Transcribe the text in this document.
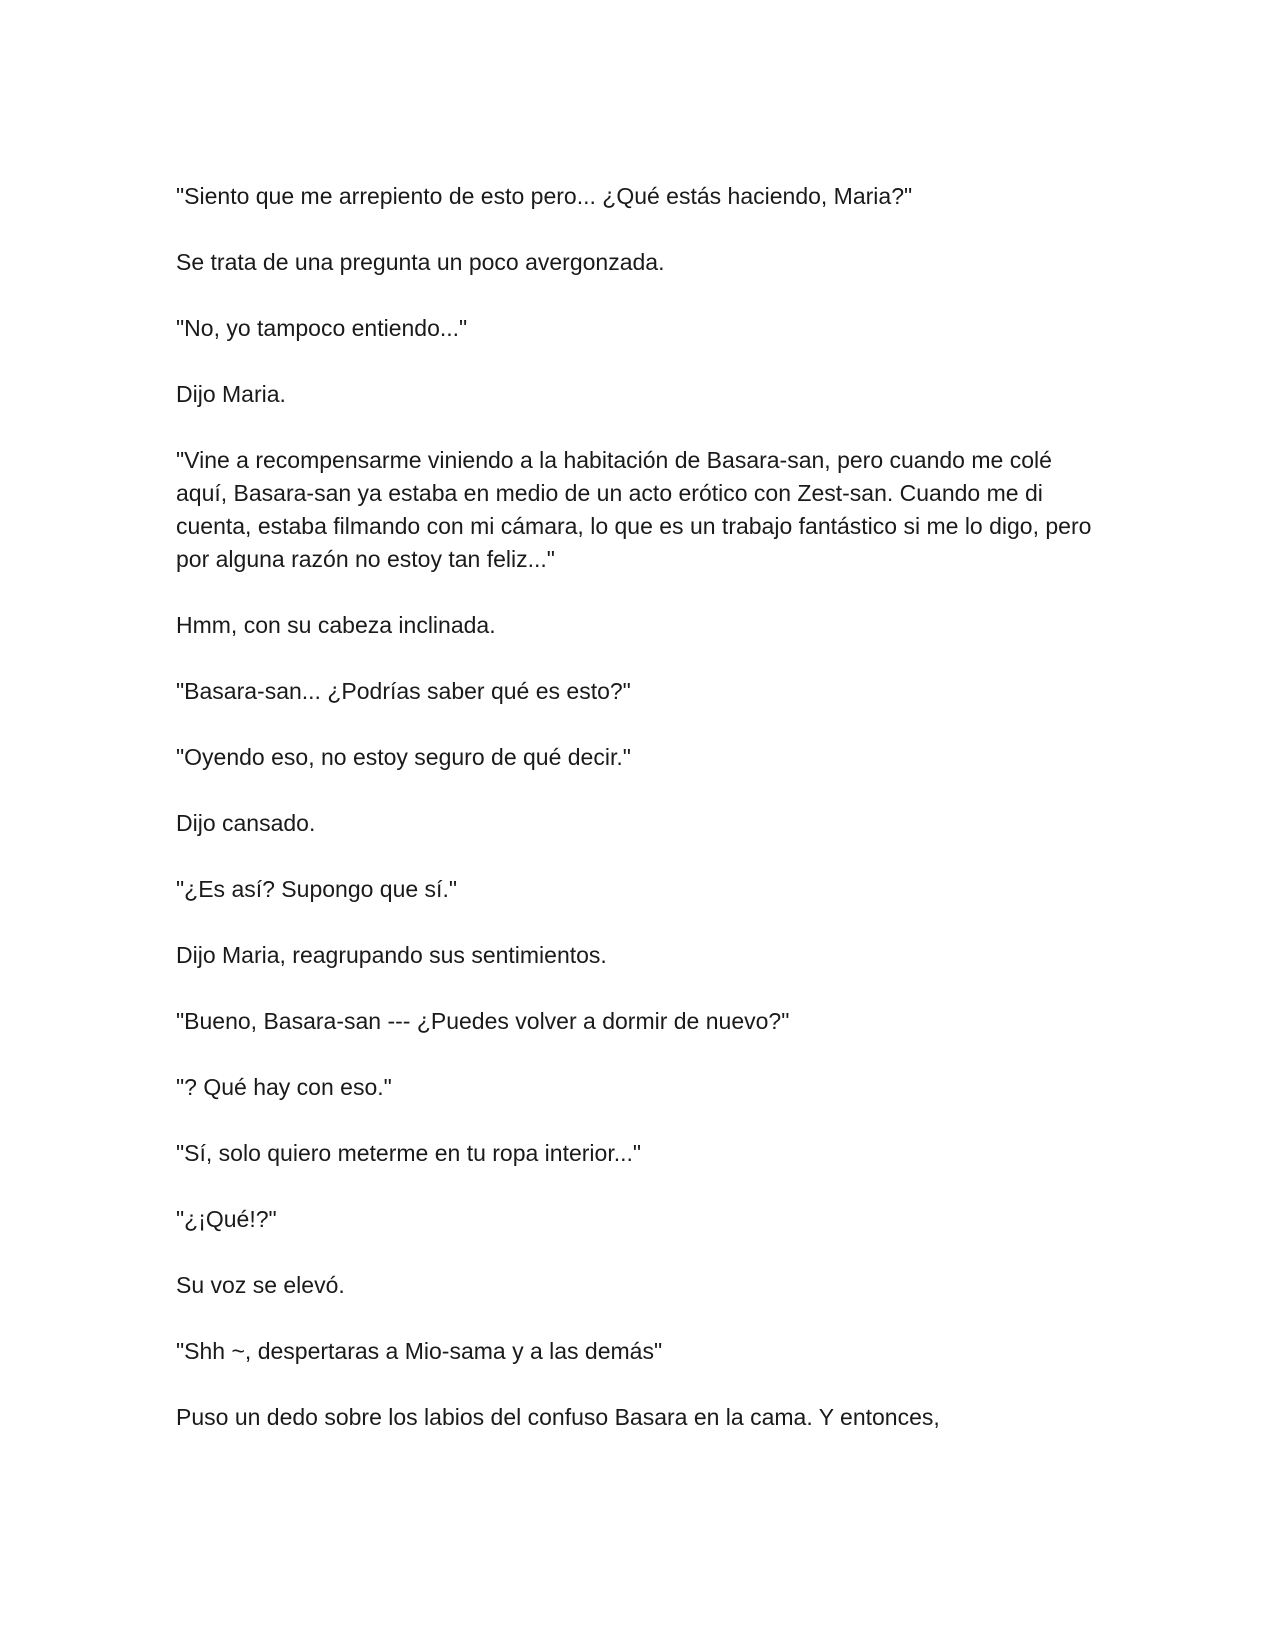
"Siento que me arrepiento de esto pero... ¿Qué estás haciendo, Maria?"

Se trata de una pregunta un poco avergonzada.

"No, yo tampoco entiendo..."

Dijo Maria.

"Vine a recompensarme viniendo a la habitación de Basara-san, pero cuando me colé aquí, Basara-san ya estaba en medio de un acto erótico con Zest-san. Cuando me di cuenta, estaba filmando con mi cámara, lo que es un trabajo fantástico si me lo digo, pero por alguna razón no estoy tan feliz..."

Hmm, con su cabeza inclinada.

"Basara-san... ¿Podrías saber qué es esto?"

"Oyendo eso, no estoy seguro de qué decir."

Dijo cansado.

"¿Es así? Supongo que sí."

Dijo Maria, reagrupando sus sentimientos.

"Bueno, Basara-san --- ¿Puedes volver a dormir de nuevo?"

"? Qué hay con eso."

"Sí, solo quiero meterme en tu ropa interior..."

"¿¡Qué!?"

Su voz se elevó.

"Shh ~, despertaras a Mio-sama y a las demás"

Puso un dedo sobre los labios del confuso Basara en la cama. Y entonces,
